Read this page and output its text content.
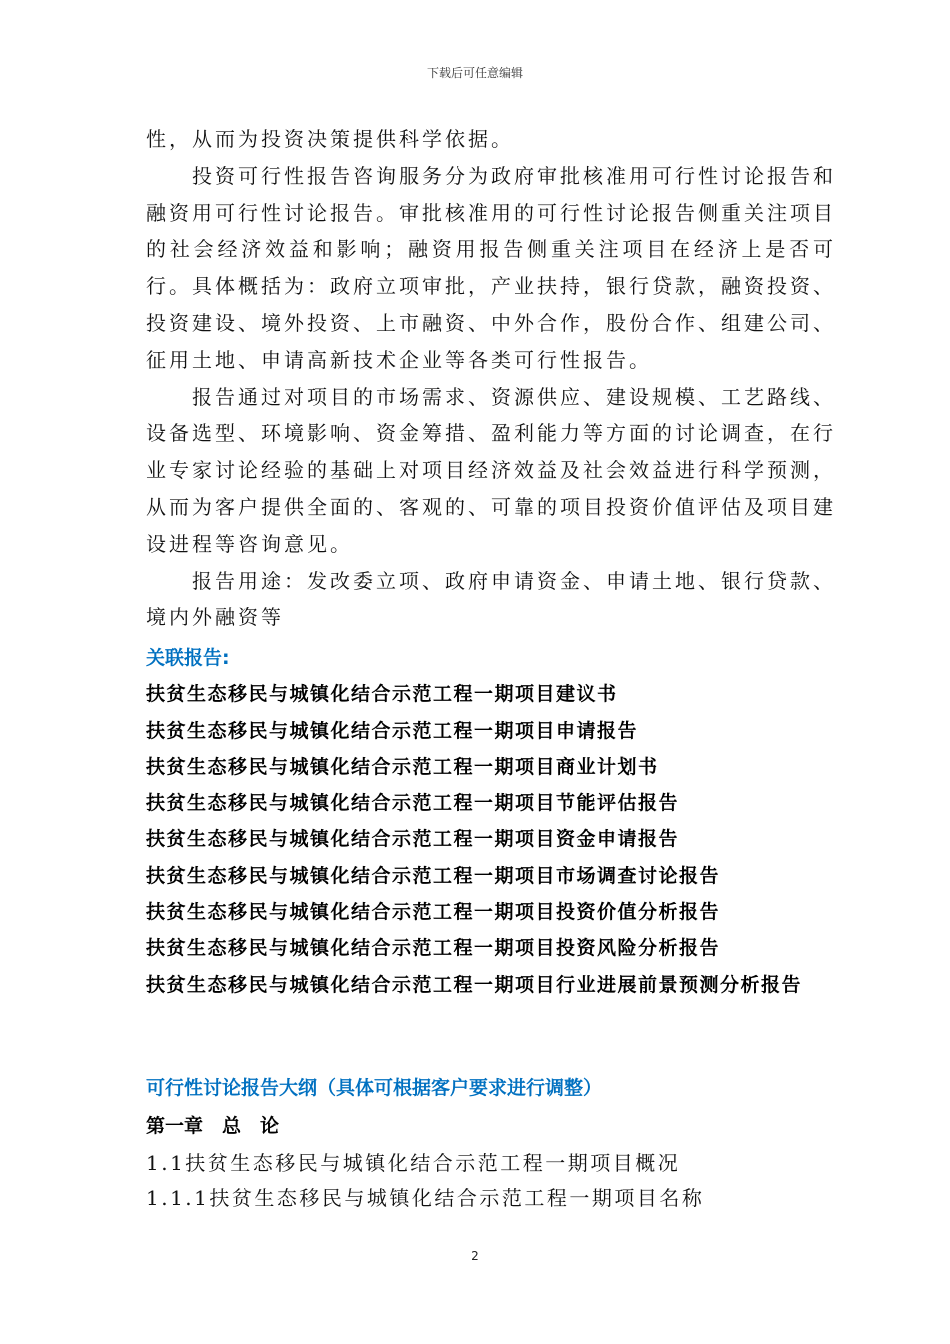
下载后可任意编辑

性，从而为投资决策提供科学依据。

投资可行性报告咨询服务分为政府审批核准用可行性讨论报告和融资用可行性讨论报告。审批核准用的可行性讨论报告侧重关注项目的社会经济效益和影响；融资用报告侧重关注项目在经济上是否可行。具体概括为：政府立项审批，产业扶持，银行贷款，融资投资、投资建设、境外投资、上市融资、中外合作，股份合作、组建公司、征用土地、申请高新技术企业等各类可行性报告。

报告通过对项目的市场需求、资源供应、建设规模、工艺路线、设备选型、环境影响、资金筹措、盈利能力等方面的讨论调查，在行业专家讨论经验的基础上对项目经济效益及社会效益进行科学预测，从而为客户提供全面的、客观的、可靠的项目投资价值评估及项目建设进程等咨询意见。

报告用途：发改委立项、政府申请资金、申请土地、银行贷款、境内外融资等

关联报告:
扶贫生态移民与城镇化结合示范工程一期项目建议书
扶贫生态移民与城镇化结合示范工程一期项目申请报告
扶贫生态移民与城镇化结合示范工程一期项目商业计划书
扶贫生态移民与城镇化结合示范工程一期项目节能评估报告
扶贫生态移民与城镇化结合示范工程一期项目资金申请报告
扶贫生态移民与城镇化结合示范工程一期项目市场调查讨论报告
扶贫生态移民与城镇化结合示范工程一期项目投资价值分析报告
扶贫生态移民与城镇化结合示范工程一期项目投资风险分析报告
扶贫生态移民与城镇化结合示范工程一期项目行业进展前景预测分析报告
可行性讨论报告大纲（具体可根据客户要求进行调整）
第一章　总　论
1.1扶贫生态移民与城镇化结合示范工程一期项目概况
1.1.1扶贫生态移民与城镇化结合示范工程一期项目名称
2
